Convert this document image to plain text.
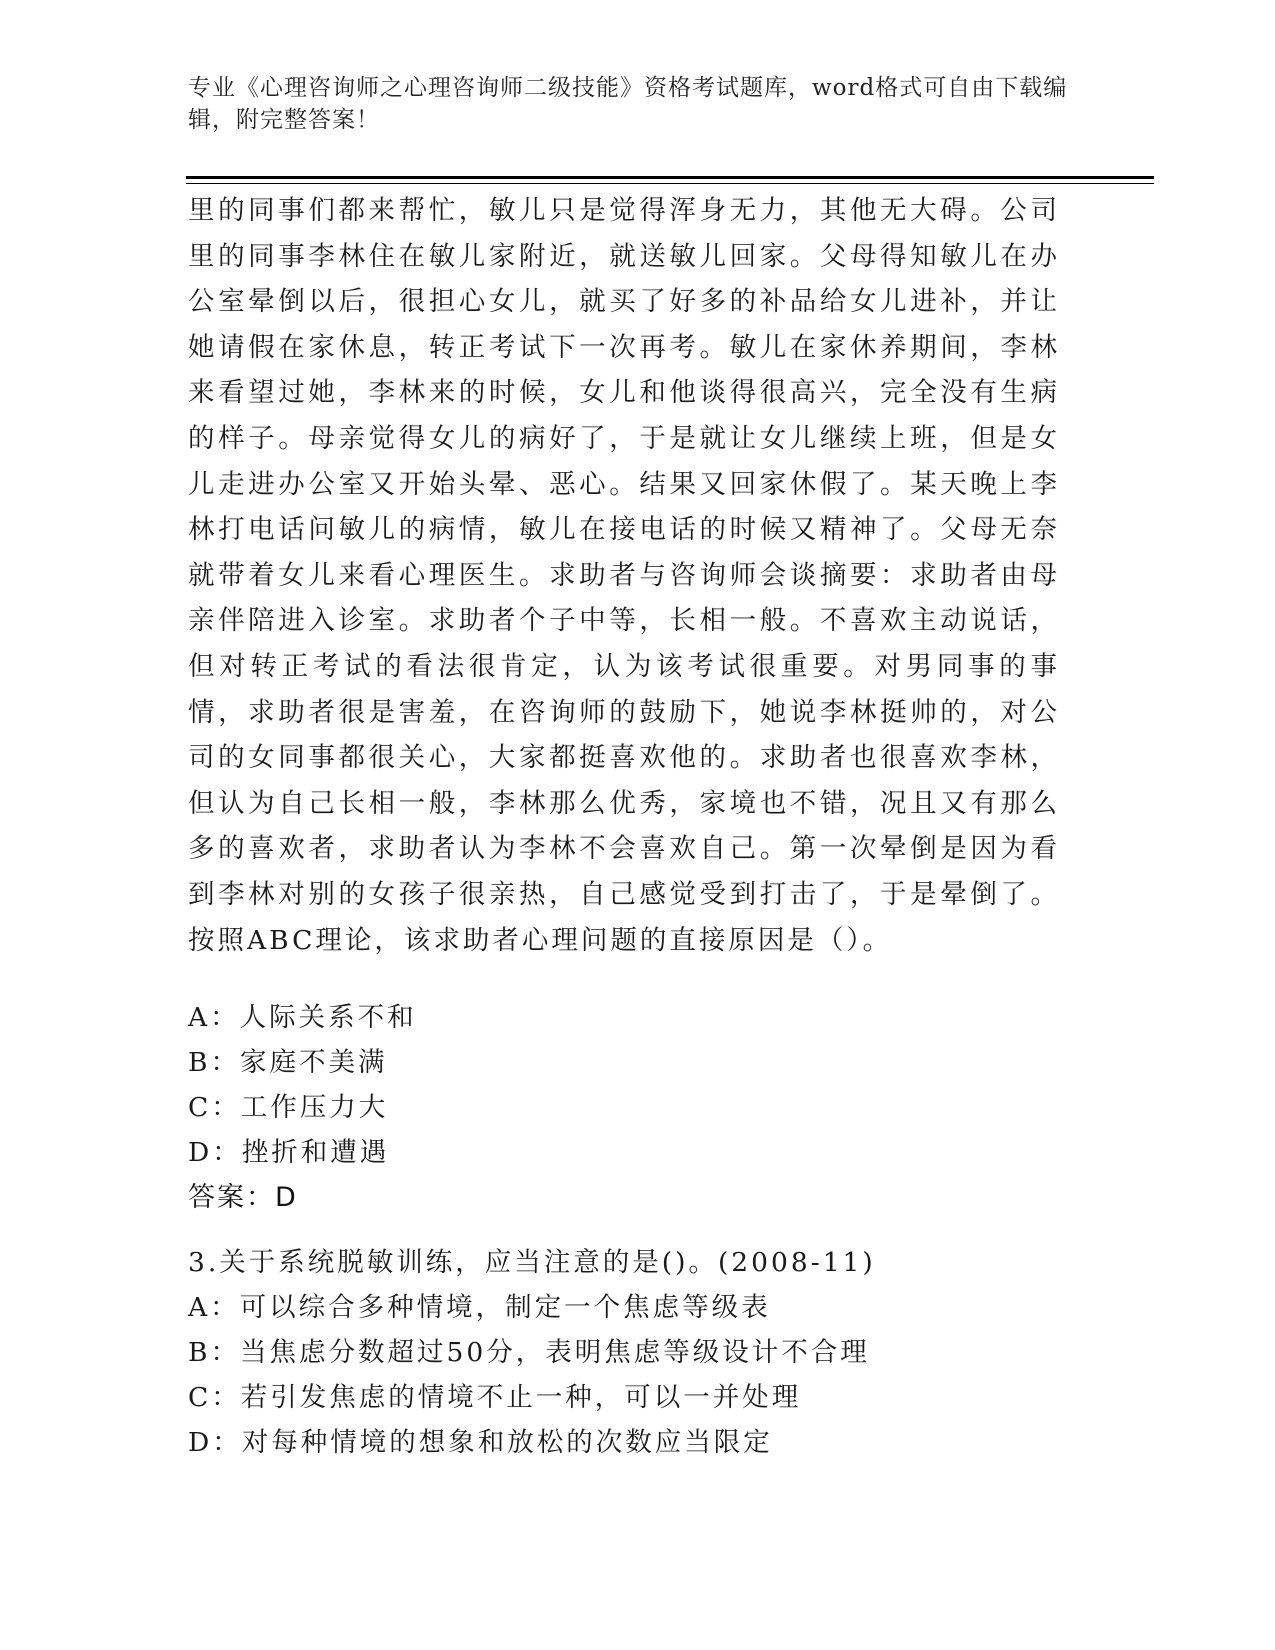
专业《心理咨询师之心理咨询师二级技能》资格考试题库，word格式可自由下载编辑，附完整答案！
里的同事们都来帮忙，敏儿只是觉得浑身无力，其他无大碍。公司里的同事李林住在敏儿家附近，就送敏儿回家。父母得知敏儿在办公室晕倒以后，很担心女儿，就买了好多的补品给女儿进补，并让她请假在家休息，转正考试下一次再考。敏儿在家休养期间，李林来看望过她，李林来的时候，女儿和他谈得很高兴，完全没有生病的样子。母亲觉得女儿的病好了，于是就让女儿继续上班，但是女儿走进办公室又开始头晕、恶心。结果又回家休假了。某天晚上李林打电话问敏儿的病情，敏儿在接电话的时候又精神了。父母无奈就带着女儿来看心理医生。求助者与咨询师会谈摘要：求助者由母亲伴陪进入诊室。求助者个子中等，长相一般。不喜欢主动说话，但对转正考试的看法很肯定，认为该考试很重要。对男同事的事情，求助者很是害羞，在咨询师的鼓励下，她说李林挺帅的，对公司的女同事都很关心，大家都挺喜欢他的。求助者也很喜欢李林，但认为自己长相一般，李林那么优秀，家境也不错，况且又有那么多的喜欢者，求助者认为李林不会喜欢自己。第一次晕倒是因为看到李林对别的女孩子很亲热，自己感觉受到打击了，于是晕倒了。按照ABC理论，该求助者心理问题的直接原因是（）。
A：人际关系不和
B：家庭不美满
C：工作压力大
D：挫折和遭遇
答案：D
3.关于系统脱敏训练，应当注意的是()。(2008-11)
A：可以综合多种情境，制定一个焦虑等级表
B：当焦虑分数超过50分，表明焦虑等级设计不合理
C：若引发焦虑的情境不止一种，可以一并处理
D：对每种情境的想象和放松的次数应当限定
